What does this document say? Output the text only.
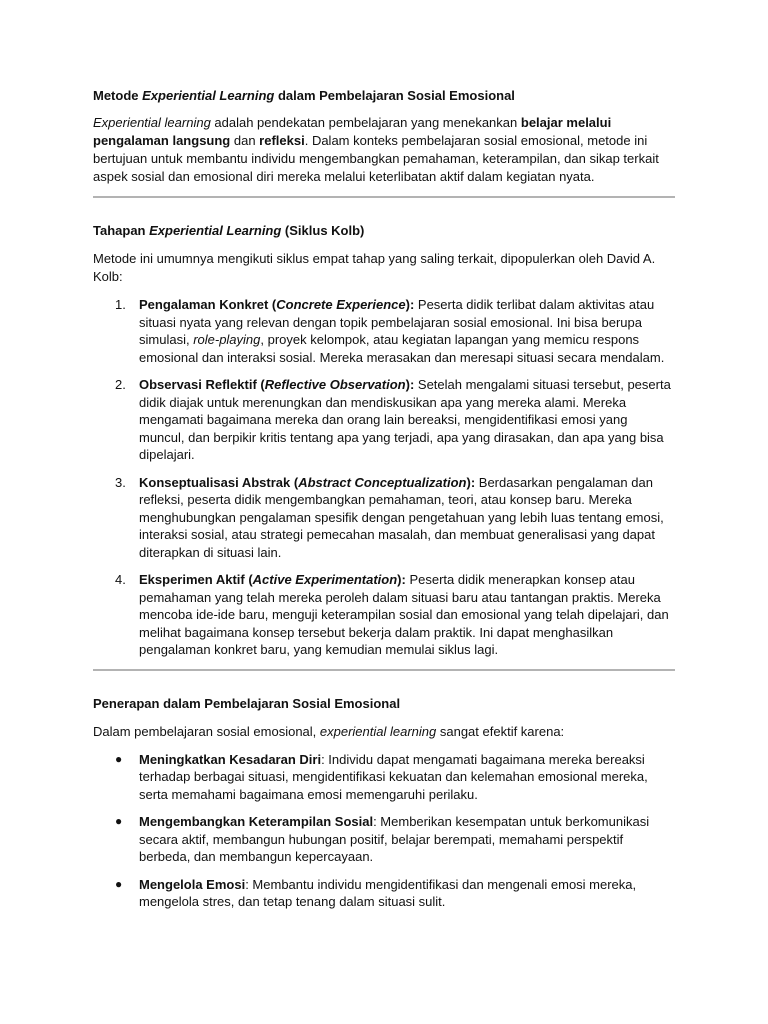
Metode Experiential Learning dalam Pembelajaran Sosial Emosional

Experiential learning adalah pendekatan pembelajaran yang menekankan belajar melalui pengalaman langsung dan refleksi. Dalam konteks pembelajaran sosial emosional, metode ini bertujuan untuk membantu individu mengembangkan pemahaman, keterampilan, dan sikap terkait aspek sosial dan emosional diri mereka melalui keterlibatan aktif dalam kegiatan nyata.

Tahapan Experiential Learning (Siklus Kolb)

Metode ini umumnya mengikuti siklus empat tahap yang saling terkait, dipopulerkan oleh David A. Kolb:

1. Pengalaman Konkret (Concrete Experience): Peserta didik terlibat dalam aktivitas atau situasi nyata yang relevan dengan topik pembelajaran sosial emosional. Ini bisa berupa simulasi, role-playing, proyek kelompok, atau kegiatan lapangan yang memicu respons emosional dan interaksi sosial. Mereka merasakan dan meresapi situasi secara mendalam.
2. Observasi Reflektif (Reflective Observation): Setelah mengalami situasi tersebut, peserta didik diajak untuk merenungkan dan mendiskusikan apa yang mereka alami. Mereka mengamati bagaimana mereka dan orang lain bereaksi, mengidentifikasi emosi yang muncul, dan berpikir kritis tentang apa yang terjadi, apa yang dirasakan, dan apa yang bisa dipelajari.
3. Konseptualisasi Abstrak (Abstract Conceptualization): Berdasarkan pengalaman dan refleksi, peserta didik mengembangkan pemahaman, teori, atau konsep baru. Mereka menghubungkan pengalaman spesifik dengan pengetahuan yang lebih luas tentang emosi, interaksi sosial, atau strategi pemecahan masalah, dan membuat generalisasi yang dapat diterapkan di situasi lain.
4. Eksperimen Aktif (Active Experimentation): Peserta didik menerapkan konsep atau pemahaman yang telah mereka peroleh dalam situasi baru atau tantangan praktis. Mereka mencoba ide-ide baru, menguji keterampilan sosial dan emosional yang telah dipelajari, dan melihat bagaimana konsep tersebut bekerja dalam praktik. Ini dapat menghasilkan pengalaman konkret baru, yang kemudian memulai siklus lagi.
Penerapan dalam Pembelajaran Sosial Emosional

Dalam pembelajaran sosial emosional, experiential learning sangat efektif karena:

● Meningkatkan Kesadaran Diri: Individu dapat mengamati bagaimana mereka bereaksi terhadap berbagai situasi, mengidentifikasi kekuatan dan kelemahan emosional mereka, serta memahami bagaimana emosi memengaruhi perilaku.
● Mengembangkan Keterampilan Sosial: Memberikan kesempatan untuk berkomunikasi secara aktif, membangun hubungan positif, belajar berempati, memahami perspektif berbeda, dan membangun kepercayaan.
● Mengelola Emosi: Membantu individu mengidentifikasi dan mengenali emosi mereka, mengelola stres, dan tetap tenang dalam situasi sulit.
